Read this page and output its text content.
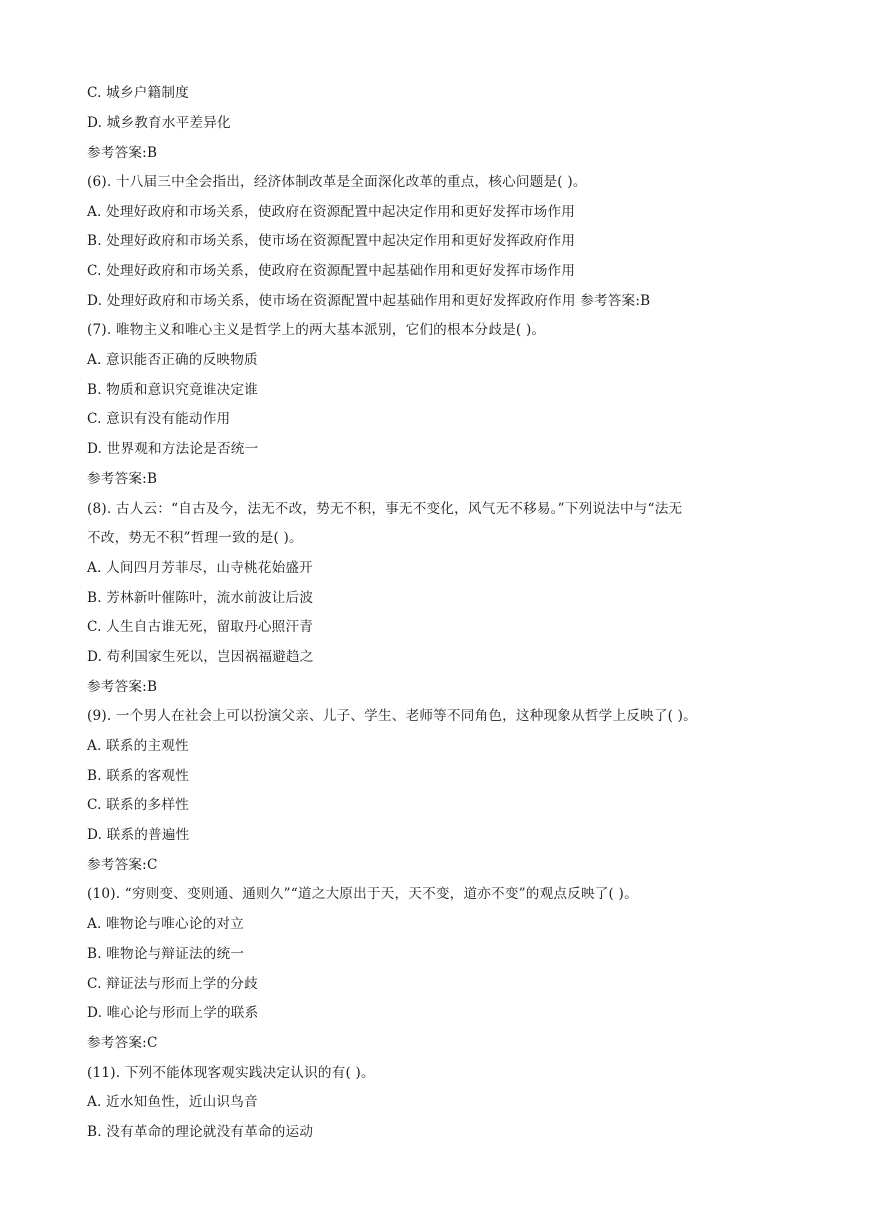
C. 城乡户籍制度
D. 城乡教育水平差异化
参考答案:B
(6). 十八届三中全会指出，经济体制改革是全面深化改革的重点，核心问题是( )。
A. 处理好政府和市场关系，使政府在资源配置中起决定作用和更好发挥市场作用
B. 处理好政府和市场关系，使市场在资源配置中起决定作用和更好发挥政府作用
C. 处理好政府和市场关系，使政府在资源配置中起基础作用和更好发挥市场作用
D. 处理好政府和市场关系，使市场在资源配置中起基础作用和更好发挥政府作用 参考答案:B
(7). 唯物主义和唯心主义是哲学上的两大基本派别，它们的根本分歧是( )。
A. 意识能否正确的反映物质
B. 物质和意识究竟谁决定谁
C. 意识有没有能动作用
D. 世界观和方法论是否统一
参考答案:B
(8). 古人云：“自古及今，法无不改，势无不积，事无不变化，风气无不移易。”下列说法中与“法无
不改，势无不积”哲理一致的是( )。
A. 人间四月芳菲尽，山寺桃花始盛开
B. 芳林新叶催陈叶，流水前波让后波
C. 人生自古谁无死，留取丹心照汗青
D. 苟利国家生死以，岂因祸福避趋之
参考答案:B
(9). 一个男人在社会上可以扮演父亲、儿子、学生、老师等不同角色，这种现象从哲学上反映了( )。
A. 联系的主观性
B. 联系的客观性
C. 联系的多样性
D. 联系的普遍性
参考答案:C
(10). “穷则变、变则通、通则久”“道之大原出于天，天不变，道亦不变”的观点反映了( )。
A. 唯物论与唯心论的对立
B. 唯物论与辩证法的统一
C. 辩证法与形而上学的分歧
D. 唯心论与形而上学的联系
参考答案:C
(11). 下列不能体现客观实践决定认识的有( )。
A. 近水知鱼性，近山识鸟音
B. 没有革命的理论就没有革命的运动
